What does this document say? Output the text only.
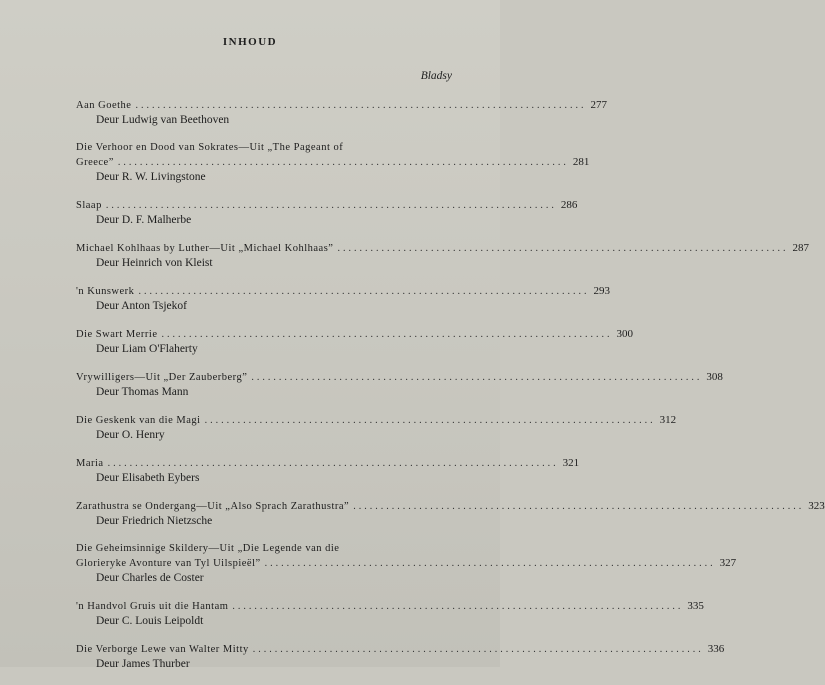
INHOUD
Bladsy
Aan Goethe .................................................................................. 277
Deur Ludwig van Beethoven
Die Verhoor en Dood van Sokrates—Uit „The Pageant of
Greece” .................................................................................. 281
Deur R. W. Livingstone
Slaap .................................................................................. 286
Deur D. F. Malherbe
Michael Kohlhaas by Luther—Uit „Michael Kohlhaas” .................................................................................. 287
Deur Heinrich von Kleist
'n Kunswerk .................................................................................. 293
Deur Anton Tsjekof
Die Swart Merrie .................................................................................. 300
Deur Liam O'Flaherty
Vrywilligers—Uit „Der Zauberberg” .................................................................................. 308
Deur Thomas Mann
Die Geskenk van die Magi .................................................................................. 312
Deur O. Henry
Maria .................................................................................. 321
Deur Elisabeth Eybers
Zarathustra se Ondergang—Uit „Also Sprach Zarathustra” .................................................................................. 323
Deur Friedrich Nietzsche
Die Geheimsinnige Skildery—Uit „Die Legende van die
Glorieryke Avonture van Tyl Uilspieël” .................................................................................. 327
Deur Charles de Coster
'n Handvol Gruis uit die Hantam .................................................................................. 335
Deur C. Louis Leipoldt
Die Verborge Lewe van Walter Mitty .................................................................................. 336
Deur James Thurber
